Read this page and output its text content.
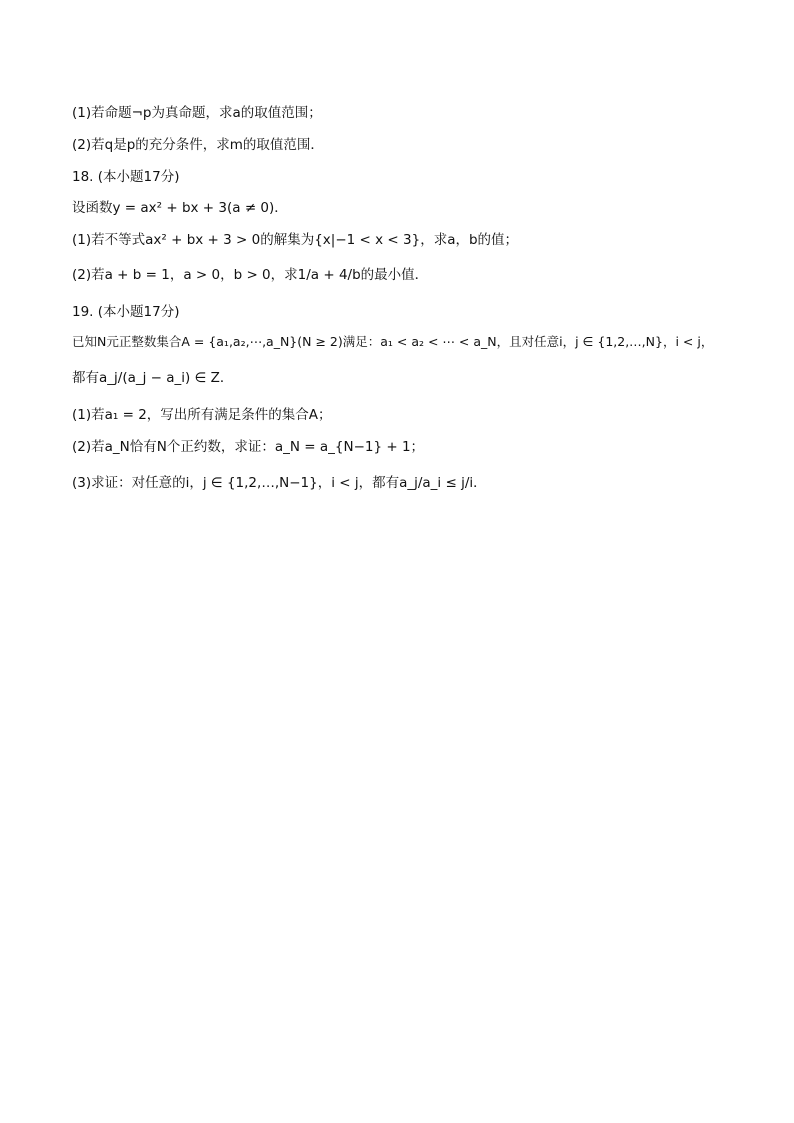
(1)若命题¬p为真命题，求a的取值范围；
(2)若q是p的充分条件，求m的取值范围．
18. (本小题17分)
设函数y = ax² + bx + 3(a ≠ 0)．
(1)若不等式ax² + bx + 3 > 0的解集为{x|−1 < x < 3}，求a，b的值；
(2)若a + b = 1，a > 0，b > 0，求1/a + 4/b的最小值．
19. (本小题17分)
已知N元正整数集合A = {a₁,a₂,⋯,a_N}(N ≥ 2)满足：a₁ < a₂ < ⋯ < a_N，且对任意i，j ∈ {1,2,…,N}，i < j，
都有a_j/(a_j − a_i) ∈ Z．
(1)若a₁ = 2，写出所有满足条件的集合A；
(2)若a_N恰有N个正约数，求证：a_N = a_{N−1} + 1；
(3)求证：对任意的i，j ∈ {1,2,…,N−1}，i < j，都有a_j/a_i ≤ j/i．
